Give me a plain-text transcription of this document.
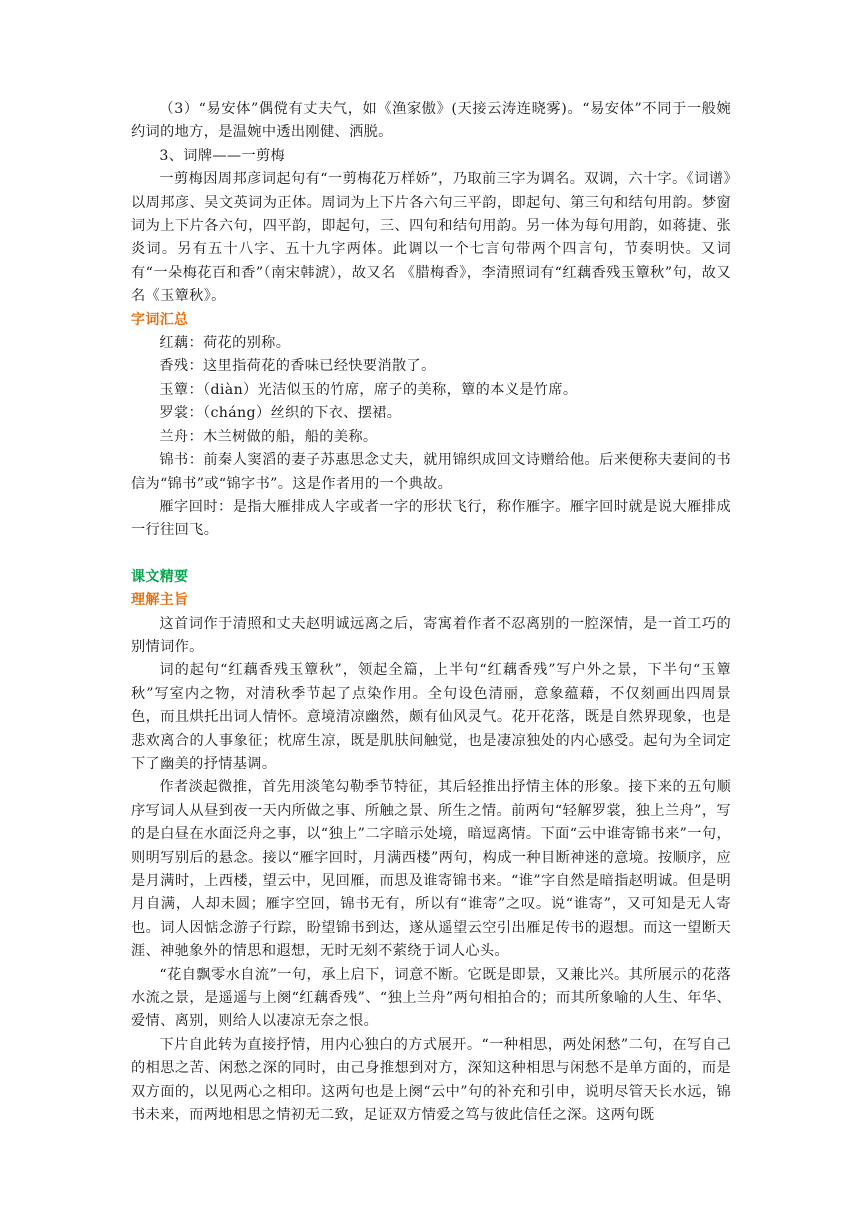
（3）“易安体”偶傥有丈夫气，如《渔家傲》(天接云涛连晓雾)。“易安体”不同于一般婉约词的地方，是温婉中透出刚健、洒脱。

3、词牌——一剪梅

一剪梅因周邦彦词起句有“一剪梅花万样娇”，乃取前三字为调名。双调，六十字。《词谱》以周邦彦、吴文英词为正体。周词为上下片各六句三平韵，即起句、第三句和结句用韵。梦窗词为上下片各六句，四平韵，即起句，三、四句和结句用韵。另一体为每句用韵，如蒋捷、张炎词。另有五十八字、五十九字两体。此调以一个七言句带两个四言句，节奏明快。又词有“一朵梅花百和香”（南宋韩淲），故又名 《腊梅香》，李清照词有“红藕香残玉簟秋”句，故又名《玉簟秋》。

字词汇总

红藕：荷花的别称。

香残：这里指荷花的香味已经快要消散了。

玉簟：（diàn）光洁似玉的竹席，席子的美称，簟的本义是竹席。

罗裳：（cháng）丝织的下衣、摆裙。

兰舟：木兰树做的船，船的美称。

锦书：前秦人窦滔的妻子苏惠思念丈夫，就用锦织成回文诗赠给他。后来便称夫妻间的书信为“锦书”或“锦字书”。这是作者用的一个典故。

雁字回时：是指大雁排成人字或者一字的形状飞行，称作雁字。雁字回时就是说大雁排成一行往回飞。

课文精要
理解主旨

这首词作于清照和丈夫赵明诚远离之后，寄寓着作者不忍离别的一腔深情，是一首工巧的别情词作。

词的起句“红藕香残玉簟秋”，领起全篇，上半句“红藕香残”写户外之景，下半句“玉簟秋”写室内之物，对清秋季节起了点染作用。全句设色清丽，意象蕴藉，不仅刻画出四周景色，而且烘托出词人情怀。意境清凉幽然，颇有仙风灵气。花开花落，既是自然界现象，也是悲欢离合的人事象征；枕席生凉，既是肌肤间触觉，也是凄凉独处的内心感受。起句为全词定下了幽美的抒情基调。

作者淡起微推，首先用淡笔勾勒季节特征，其后轻推出抒情主体的形象。接下来的五句顺序写词人从昼到夜一天内所做之事、所触之景、所生之情。前两句“轻解罗裳，独上兰舟”，写的是白昼在水面泛舟之事，以“独上”二字暗示处境，暗逗离情。下面“云中谁寄锦书来”一句，则明写别后的悬念。接以“雁字回时，月满西楼”两句，构成一种目断神迷的意境。按顺序，应是月满时，上西楼，望云中，见回雁，而思及谁寄锦书来。“谁”字自然是暗指赵明诚。但是明月自满，人却未圆；雁字空回，锦书无有，所以有“谁寄”之叹。说“谁寄”，又可知是无人寄也。词人因惦念游子行踪，盼望锦书到达，遂从遥望云空引出雁足传书的遐想。而这一望断天涯、神驰象外的情思和遐想，无时无刻不萦绕于词人心头。

“花自飘零水自流”一句，承上启下，词意不断。它既是即景，又兼比兴。其所展示的花落水流之景，是遥遥与上阕“红藕香残”、“独上兰舟”两句相拍合的；而其所象喻的人生、年华、爱情、离别，则给人以凄凉无奈之恨。

下片自此转为直接抒情，用内心独白的方式展开。“一种相思，两处闲愁”二句，在写自己的相思之苦、闲愁之深的同时，由己身推想到对方，深知这种相思与闲愁不是单方面的，而是双方面的，以见两心之相印。这两句也是上阕“云中”句的补充和引申，说明尽管天长水远，锦书未来，而两地相思之情初无二致，足证双方情爱之笃与彼此信任之深。这两句既
